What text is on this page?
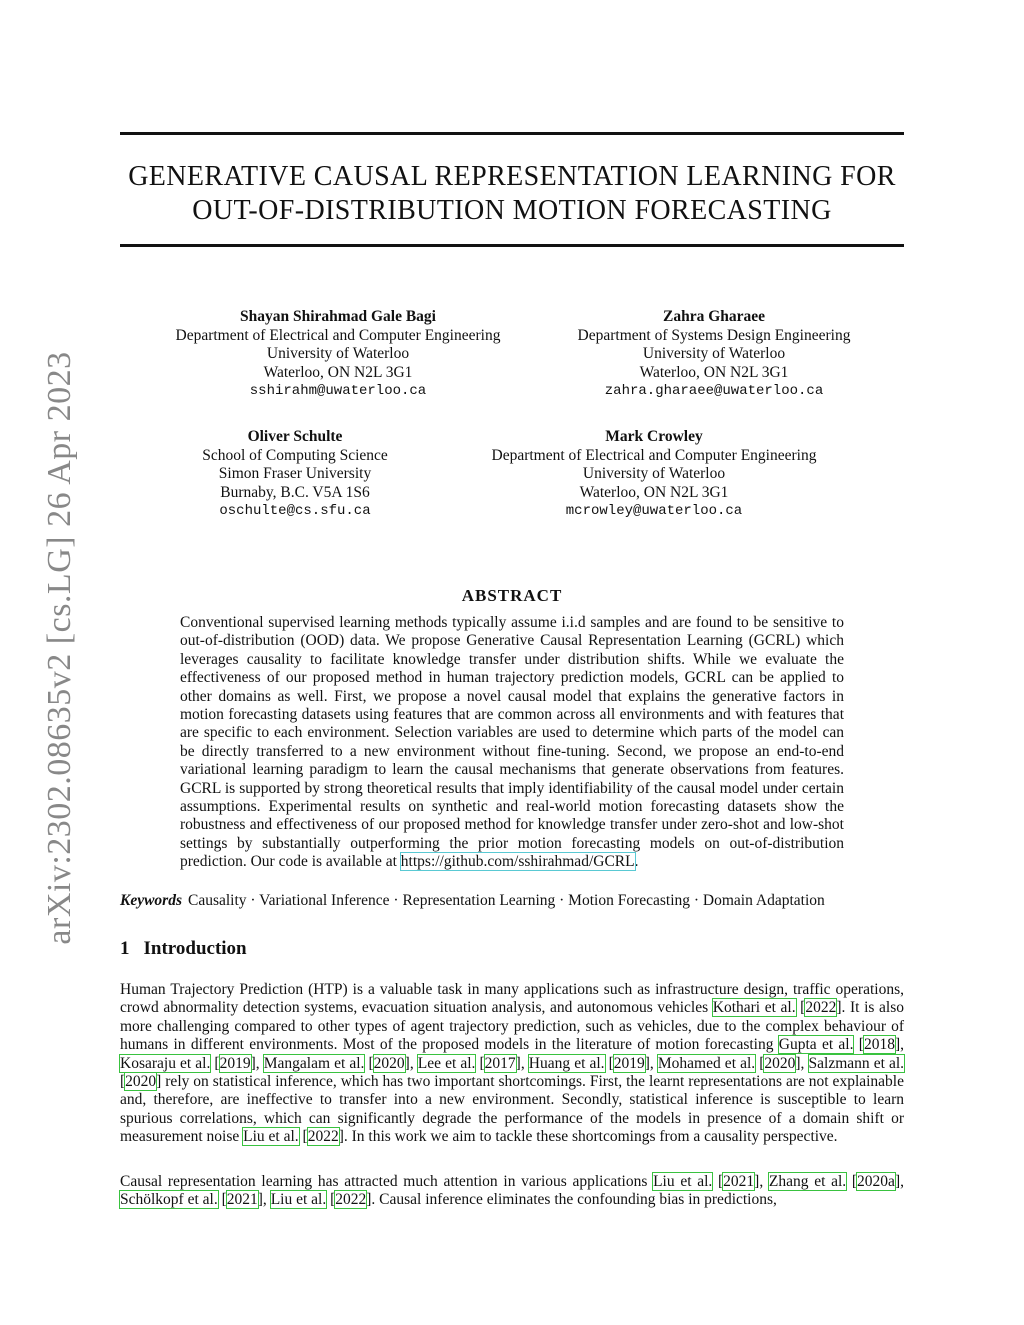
arXiv:2302.08635v2 [cs.LG] 26 Apr 2023
GENERATIVE CAUSAL REPRESENTATION LEARNING FOR
OUT-OF-DISTRIBUTION MOTION FORECASTING
Shayan Shirahmad Gale Bagi
Department of Electrical and Computer Engineering
University of Waterloo
Waterloo, ON N2L 3G1
sshirahm@uwaterloo.ca
Zahra Gharaee
Department of Systems Design Engineering
University of Waterloo
Waterloo, ON N2L 3G1
zahra.gharaee@uwaterloo.ca
Oliver Schulte
School of Computing Science
Simon Fraser University
Burnaby, B.C. V5A 1S6
oschulte@cs.sfu.ca
Mark Crowley
Department of Electrical and Computer Engineering
University of Waterloo
Waterloo, ON N2L 3G1
mcrowley@uwaterloo.ca
ABSTRACT
Conventional supervised learning methods typically assume i.i.d samples and are found to be sensitive to out-of-distribution (OOD) data. We propose Generative Causal Representation Learning (GCRL) which leverages causality to facilitate knowledge transfer under distribution shifts. While we evaluate the effectiveness of our proposed method in human trajectory prediction models, GCRL can be applied to other domains as well. First, we propose a novel causal model that explains the generative factors in motion forecasting datasets using features that are common across all environments and with features that are specific to each environment. Selection variables are used to determine which parts of the model can be directly transferred to a new environment without fine-tuning. Second, we propose an end-to-end variational learning paradigm to learn the causal mechanisms that generate observations from features. GCRL is supported by strong theoretical results that imply identifiability of the causal model under certain assumptions. Experimental results on synthetic and real-world motion forecasting datasets show the robustness and effectiveness of our proposed method for knowledge transfer under zero-shot and low-shot settings by substantially outperforming the prior motion forecasting models on out-of-distribution prediction. Our code is available at https://github.com/sshirahmad/GCRL.
Keywords Causality · Variational Inference · Representation Learning · Motion Forecasting · Domain Adaptation
1 Introduction
Human Trajectory Prediction (HTP) is a valuable task in many applications such as infrastructure design, traffic operations, crowd abnormality detection systems, evacuation situation analysis, and autonomous vehicles Kothari et al. [2022]. It is also more challenging compared to other types of agent trajectory prediction, such as vehicles, due to the complex behaviour of humans in different environments. Most of the proposed models in the literature of motion forecasting Gupta et al. [2018], Kosaraju et al. [2019], Mangalam et al. [2020], Lee et al. [2017], Huang et al. [2019], Mohamed et al. [2020], Salzmann et al. [2020] rely on statistical inference, which has two important shortcomings. First, the learnt representations are not explainable and, therefore, are ineffective to transfer into a new environment. Secondly, statistical inference is susceptible to learn spurious correlations, which can significantly degrade the performance of the models in presence of a domain shift or measurement noise Liu et al. [2022]. In this work we aim to tackle these shortcomings from a causality perspective.
Causal representation learning has attracted much attention in various applications Liu et al. [2021], Zhang et al. [2020a], Schölkopf et al. [2021], Liu et al. [2022]. Causal inference eliminates the confounding bias in predictions,
